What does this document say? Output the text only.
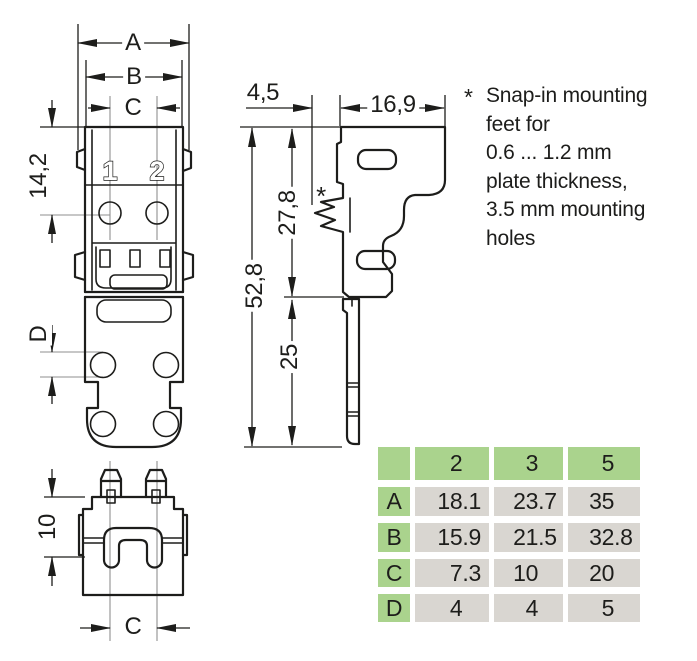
1 2
A
B
C
14,2
D
4,5	16,9
52,8
27,8
25
*
10
C
* Snap-in mounting
feet for
0.6 ... 1.2 mm
plate thickness,
3.5 mm mounting
holes
2	3	5
A	18 .1	23 .7	35
B	15 .9	21 .5	32 .8
C	7 .3	10	20
D	4	4	5
